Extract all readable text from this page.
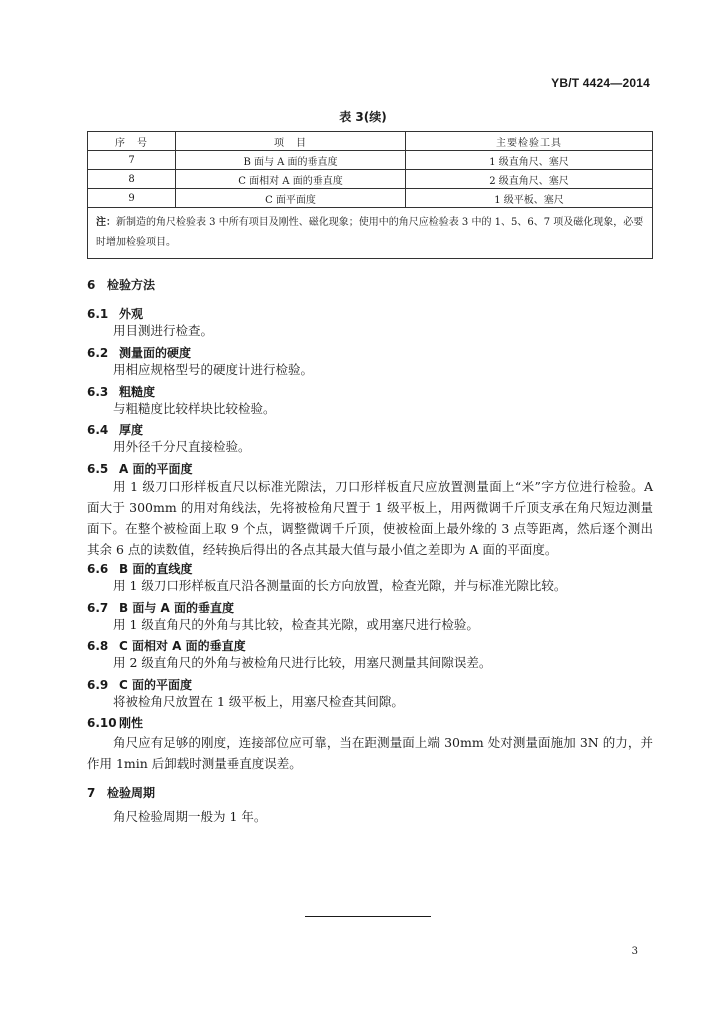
YB/T 4424—2014
表 3(续)
序　号	项　目	主要检验工具
7	B 面与 A 面的垂直度	1 级直角尺、塞尺
8	C 面相对 A 面的垂直度	2 级直角尺、塞尺
9	C 面平面度	1 级平板、塞尺
注：新制造的角尺检验表 3 中所有项目及刚性、磁化现象；使用中的角尺应检验表 3 中的 1、5、6、7 项及磁化现象，必要时增加检验项目。		
6 检验方法
6.1 外观
用目测进行检查。
6.2 测量面的硬度
用相应规格型号的硬度计进行检验。
6.3 粗糙度
与粗糙度比较样块比较检验。
6.4 厚度
用外径千分尺直接检验。
6.5 A 面的平面度
用 1 级刀口形样板直尺以标准光隙法，刀口形样板直尺应放置测量面上“米”字方位进行检验。A 面大于 300mm 的用对角线法，先将被检角尺置于 1 级平板上，用两微调千斤顶支承在角尺短边测量面下。在整个被检面上取 9 个点，调整微调千斤顶，使被检面上最外缘的 3 点等距离，然后逐个测出其余 6 点的读数值，经转换后得出的各点其最大值与最小值之差即为 A 面的平面度。
6.6 B 面的直线度
用 1 级刀口形样板直尺沿各测量面的长方向放置，检查光隙，并与标准光隙比较。
6.7 B 面与 A 面的垂直度
用 1 级直角尺的外角与其比较，检查其光隙，或用塞尺进行检验。
6.8 C 面相对 A 面的垂直度
用 2 级直角尺的外角与被检角尺进行比较，用塞尺测量其间隙误差。
6.9 C 面的平面度
将被检角尺放置在 1 级平板上，用塞尺检查其间隙。
6.10 刚性
角尺应有足够的刚度，连接部位应可靠，当在距测量面上端 30mm 处对测量面施加 3N 的力，并作用 1min 后卸载时测量垂直度误差。
7 检验周期
角尺检验周期一般为 1 年。
3
